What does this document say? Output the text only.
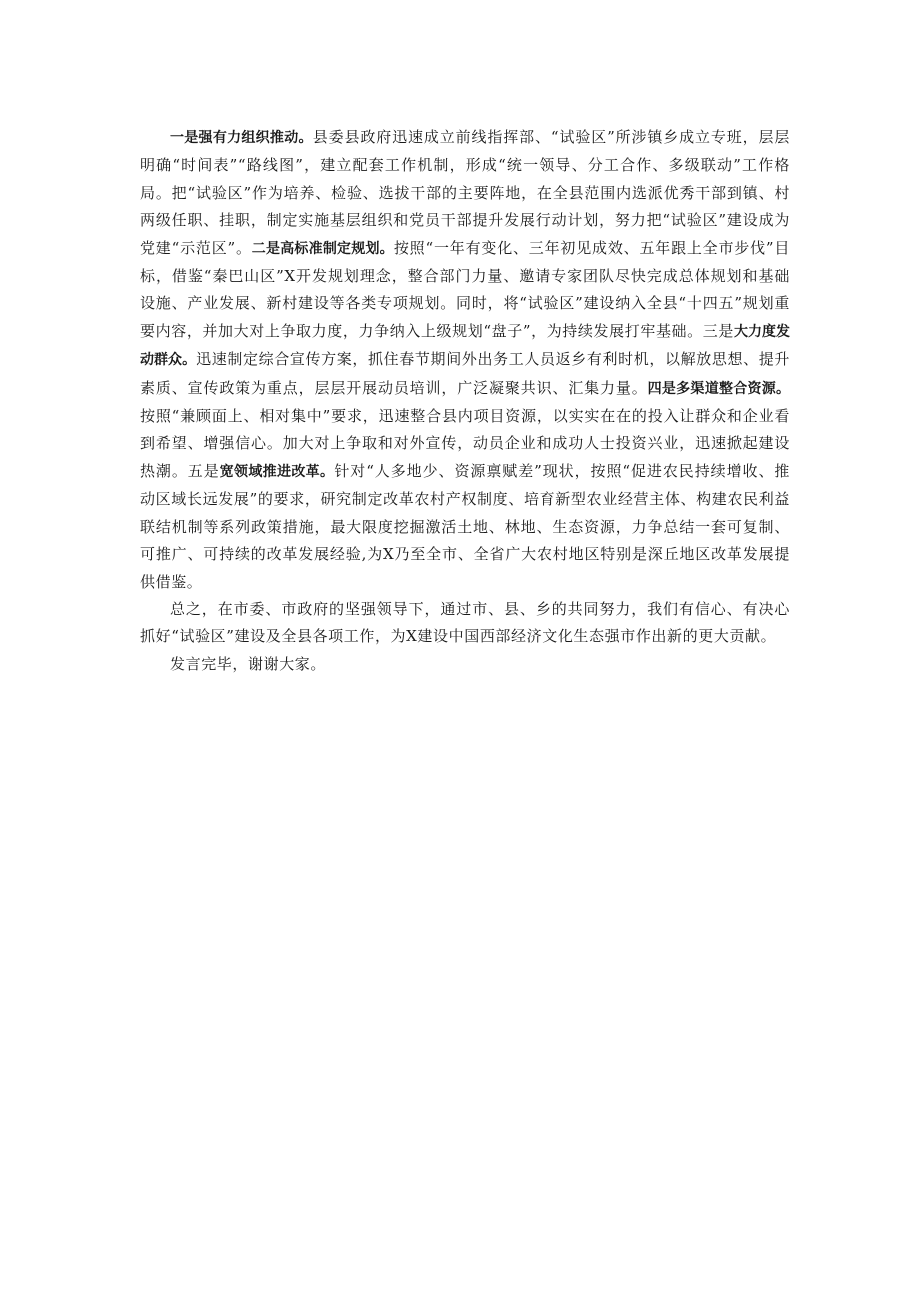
一是强有力组织推动。县委县政府迅速成立前线指挥部、“试验区”所涉镇乡成立专班，层层明确“时间表”“路线图”，建立配套工作机制，形成“统一领导、分工合作、多级联动”工作格局。把“试验区”作为培养、检验、选拔干部的主要阵地，在全县范围内选派优秀干部到镇、村两级任职、挂职，制定实施基层组织和党员干部提升发展行动计划，努力把“试验区”建设成为党建“示范区”。二是高标准制定规划。按照“一年有变化、三年初见成效、五年跟上全市步伐”目标，借鉴“秦巴山区”X开发规划理念，整合部门力量、邀请专家团队尽快完成总体规划和基础设施、产业发展、新村建设等各类专项规划。同时，将“试验区”建设纳入全县“十四五”规划重要内容，并加大对上争取力度，力争纳入上级规划“盘子”，为持续发展打牢基础。三是大力度发动群众。迅速制定综合宣传方案，抓住春节期间外出务工人员返乡有利时机，以解放思想、提升素质、宣传政策为重点，层层开展动员培训，广泛凝聚共识、汇集力量。四是多渠道整合资源。按照“兼顾面上、相对集中”要求，迅速整合县内项目资源，以实实在在的投入让群众和企业看到希望、增强信心。加大对上争取和对外宣传，动员企业和成功人士投资兴业，迅速掀起建设热潮。五是宽领域推进改革。针对“人多地少、资源禀赋差”现状，按照“促进农民持续增收、推动区域长远发展”的要求，研究制定改革农村产权制度、培育新型农业经营主体、构建农民利益联结机制等系列政策措施，最大限度挖掘激活土地、林地、生态资源，力争总结一套可复制、可推广、可持续的改革发展经验,为X乃至全市、全省广大农村地区特别是深丘地区改革发展提供借鉴。

总之，在市委、市政府的坚强领导下，通过市、县、乡的共同努力，我们有信心、有决心抓好“试验区”建设及全县各项工作，为X建设中国西部经济文化生态强市作出新的更大贡献。

发言完毕，谢谢大家。
